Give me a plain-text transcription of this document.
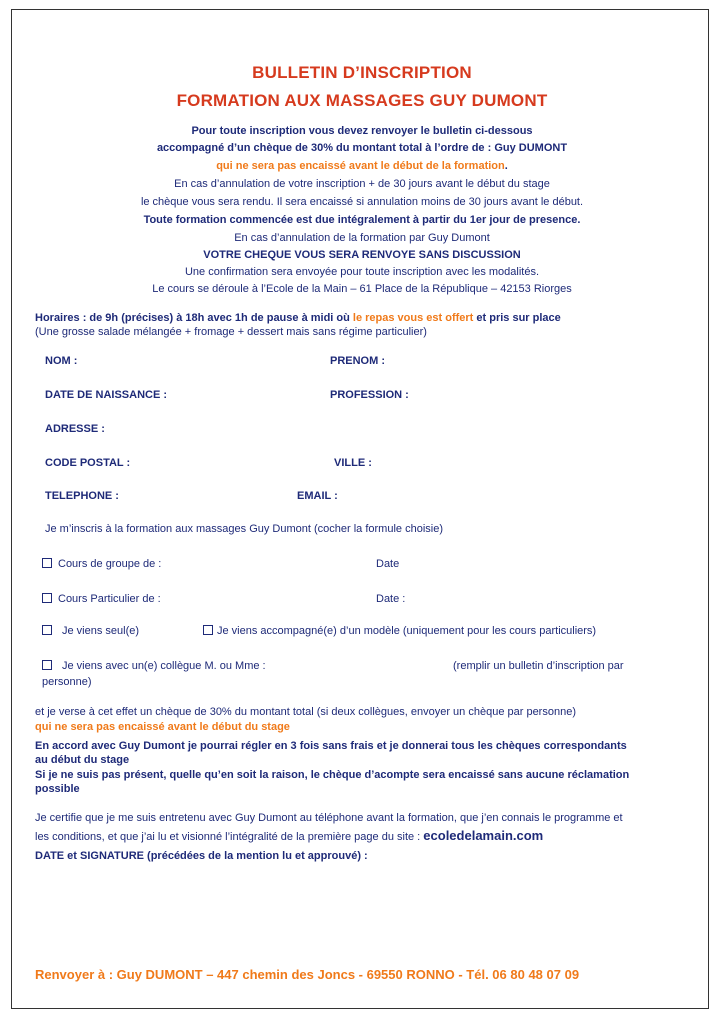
BULLETIN D’INSCRIPTION
FORMATION AUX MASSAGES GUY DUMONT
Pour toute inscription vous devez renvoyer le bulletin ci-dessous
accompagné d’un chèque de 30% du montant total à l’ordre de : Guy DUMONT
qui ne sera pas encaissé avant le début de la formation.
En cas d’annulation de votre inscription + de 30 jours avant le début du stage
le chèque vous sera rendu. Il sera encaissé si annulation moins de 30 jours avant le début.
Toute formation commencée est due intégralement à partir du 1er jour de presence.
En cas d’annulation de la formation par Guy Dumont
VOTRE CHEQUE VOUS SERA RENVOYE SANS DISCUSSION
Une confirmation sera envoyée pour toute inscription avec les modalités.
Le cours se déroule à l’Ecole de la Main – 61 Place de la République – 42153 Riorges
Horaires : de 9h (précises) à 18h avec 1h de pause à midi où le repas vous est offert et pris sur place
(Une grosse salade mélangée + fromage + dessert mais sans régime particulier)
NOM :	PRENOM :
DATE DE NAISSANCE :	PROFESSION :
ADRESSE :
CODE POSTAL :	VILLE :
TELEPHONE :	EMAIL :
Je m’inscris à la formation aux massages Guy Dumont (cocher la formule choisie)
Cours de groupe de :	Date
Cours Particulier de :	Date :
Je viens seul(e)	Je viens accompagné(e) d’un modèle (uniquement pour les cours particuliers)
Je viens avec un(e) collègue M. ou Mme :	(remplir un bulletin d’inscription par
personne)
et je verse à cet effet un chèque de 30% du montant total (si deux collègues, envoyer un chèque par personne)
qui ne sera pas encaissé avant le début du stage
En accord avec Guy Dumont je pourrai régler en 3 fois sans frais et je donnerai tous les chèques correspondants
au début du stage
Si je ne suis pas présent, quelle qu’en soit la raison, le chèque d’acompte sera encaissé sans aucune réclamation
possible
Je certifie que je me suis entretenu avec Guy Dumont au téléphone avant la formation, que j’en connais le programme et
les conditions, et que j’ai lu et visionné l’intégralité de la première page du site : ecoledelamain.com
DATE et SIGNATURE (précédées de la mention lu et approuvé) :
Renvoyer à : Guy DUMONT – 447 chemin des Joncs - 69550 RONNO - Tél. 06 80 48 07 09
